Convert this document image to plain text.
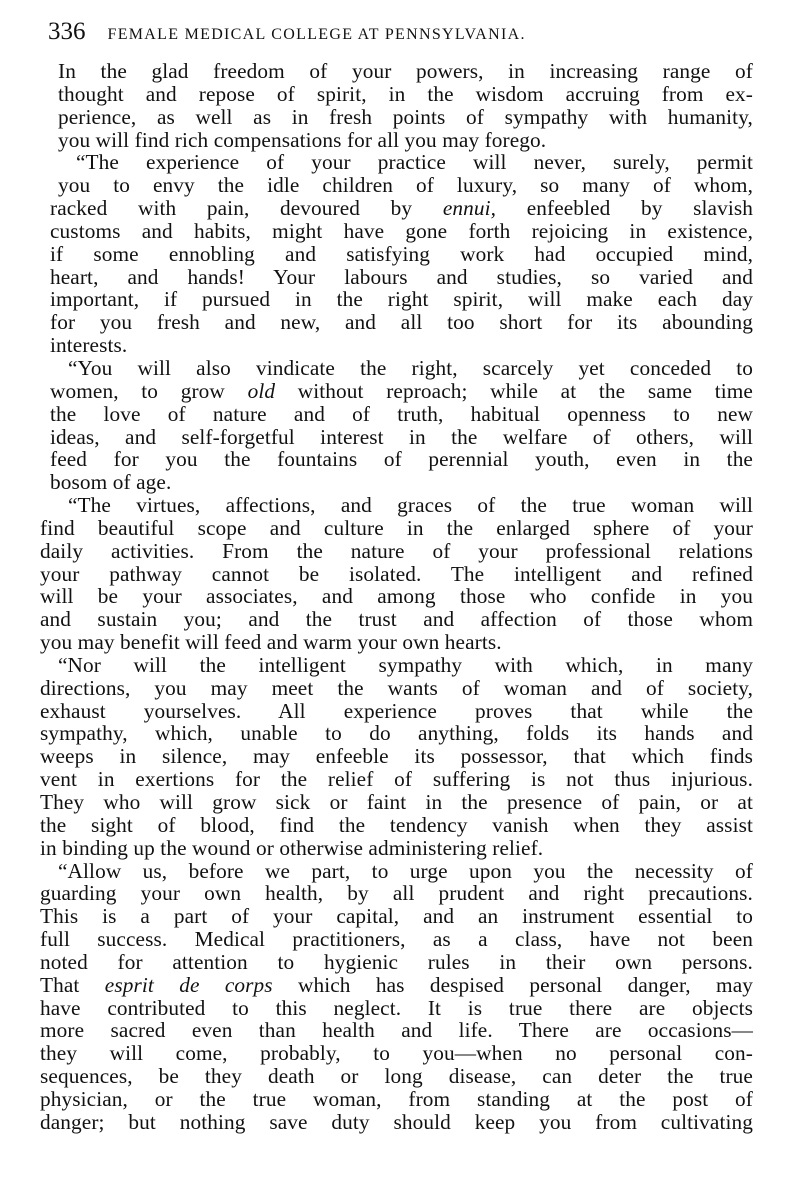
336 FEMALE MEDICAL COLLEGE AT PENNSYLVANIA.
In the glad freedom of your powers, in increasing range of
thought and repose of spirit, in the wisdom accruing from ex-
perience, as well as in fresh points of sympathy with humanity,
you will find rich compensations for all you may forego.
“The experience of your practice will never, surely, permit
you to envy the idle children of luxury, so many of whom,
racked with pain, devoured by ennui, enfeebled by slavish
customs and habits, might have gone forth rejoicing in existence,
if some ennobling and satisfying work had occupied mind,
heart, and hands! Your labours and studies, so varied and
important, if pursued in the right spirit, will make each day
for you fresh and new, and all too short for its abounding
interests.
“You will also vindicate the right, scarcely yet conceded to
women, to grow old without reproach; while at the same time
the love of nature and of truth, habitual openness to new
ideas, and self-forgetful interest in the welfare of others, will
feed for you the fountains of perennial youth, even in the
bosom of age.
“The virtues, affections, and graces of the true woman will
find beautiful scope and culture in the enlarged sphere of your
daily activities. From the nature of your professional relations
your pathway cannot be isolated. The intelligent and refined
will be your associates, and among those who confide in you
and sustain you; and the trust and affection of those whom
you may benefit will feed and warm your own hearts.
“Nor will the intelligent sympathy with which, in many
directions, you may meet the wants of woman and of society,
exhaust yourselves. All experience proves that while the
sympathy, which, unable to do anything, folds its hands and
weeps in silence, may enfeeble its possessor, that which finds
vent in exertions for the relief of suffering is not thus injurious.
They who will grow sick or faint in the presence of pain, or at
the sight of blood, find the tendency vanish when they assist
in binding up the wound or otherwise administering relief.
“Allow us, before we part, to urge upon you the necessity of
guarding your own health, by all prudent and right precautions.
This is a part of your capital, and an instrument essential to
full success. Medical practitioners, as a class, have not been
noted for attention to hygienic rules in their own persons.
That esprit de corps which has despised personal danger, may
have contributed to this neglect. It is true there are objects
more sacred even than health and life. There are occasions—
they will come, probably, to you—when no personal con-
sequences, be they death or long disease, can deter the true
physician, or the true woman, from standing at the post of
danger; but nothing save duty should keep you from cultivating
